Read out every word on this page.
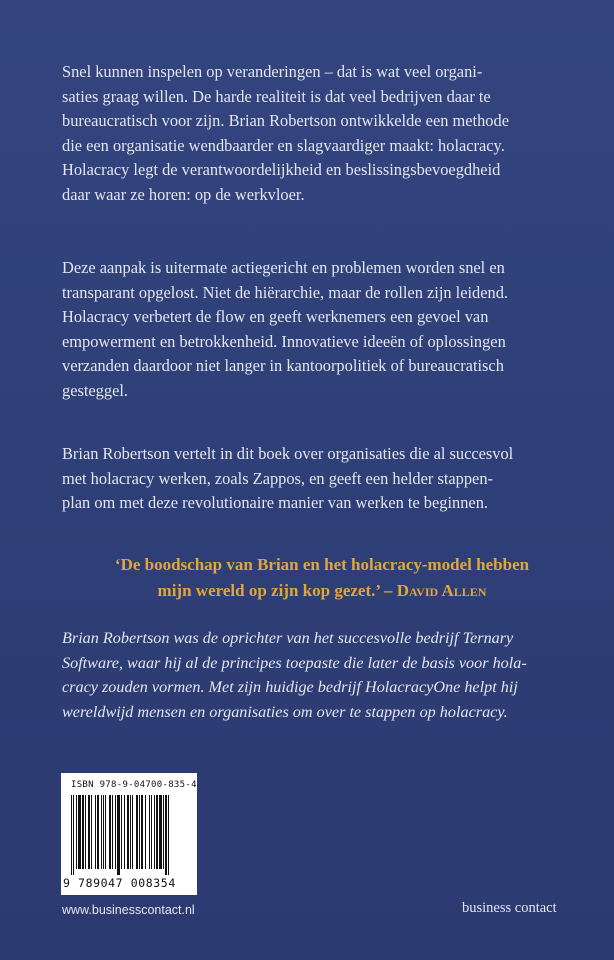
Snel kunnen inspelen op veranderingen – dat is wat veel organi-

saties graag willen. De harde realiteit is dat veel bedrijven daar te

bureaucratisch voor zijn. Brian Robertson ontwikkelde een methode

die een organisatie wendbaarder en slagvaardiger maakt: holacracy.

Holacracy legt de verantwoordelijkheid en beslissingsbevoegdheid

daar waar ze horen: op de werkvloer.

Deze aanpak is uitermate actiegericht en problemen worden snel en

transparant opgelost. Niet de hiërarchie, maar de rollen zijn leidend.

Holacracy verbetert de flow en geeft werknemers een gevoel van

empowerment en betrokkenheid. Innovatieve ideeën of oplossingen

verzanden daardoor niet langer in kantoorpolitiek of bureaucratisch

gesteggel.

Brian Robertson vertelt in dit boek over organisaties die al succesvol

met holacracy werken, zoals Zappos, en geeft een helder stappen-

plan om met deze revolutionaire manier van werken te beginnen.

‘De boodschap van Brian en het holacracy-model hebben
mijn wereld op zijn kop gezet.’ – David Allen
Brian Robertson was de oprichter van het succesvolle bedrijf Ternary
Software, waar hij al de principes toepaste die later de basis voor hola-
cracy zouden vormen. Met zijn huidige bedrijf HolacracyOne helpt hij
wereldwijd mensen en organisaties om over te stappen op holacracy.
ISBN 978-9-04700-835-4
9 789047 008354
www.businesscontact.nl	business contact
